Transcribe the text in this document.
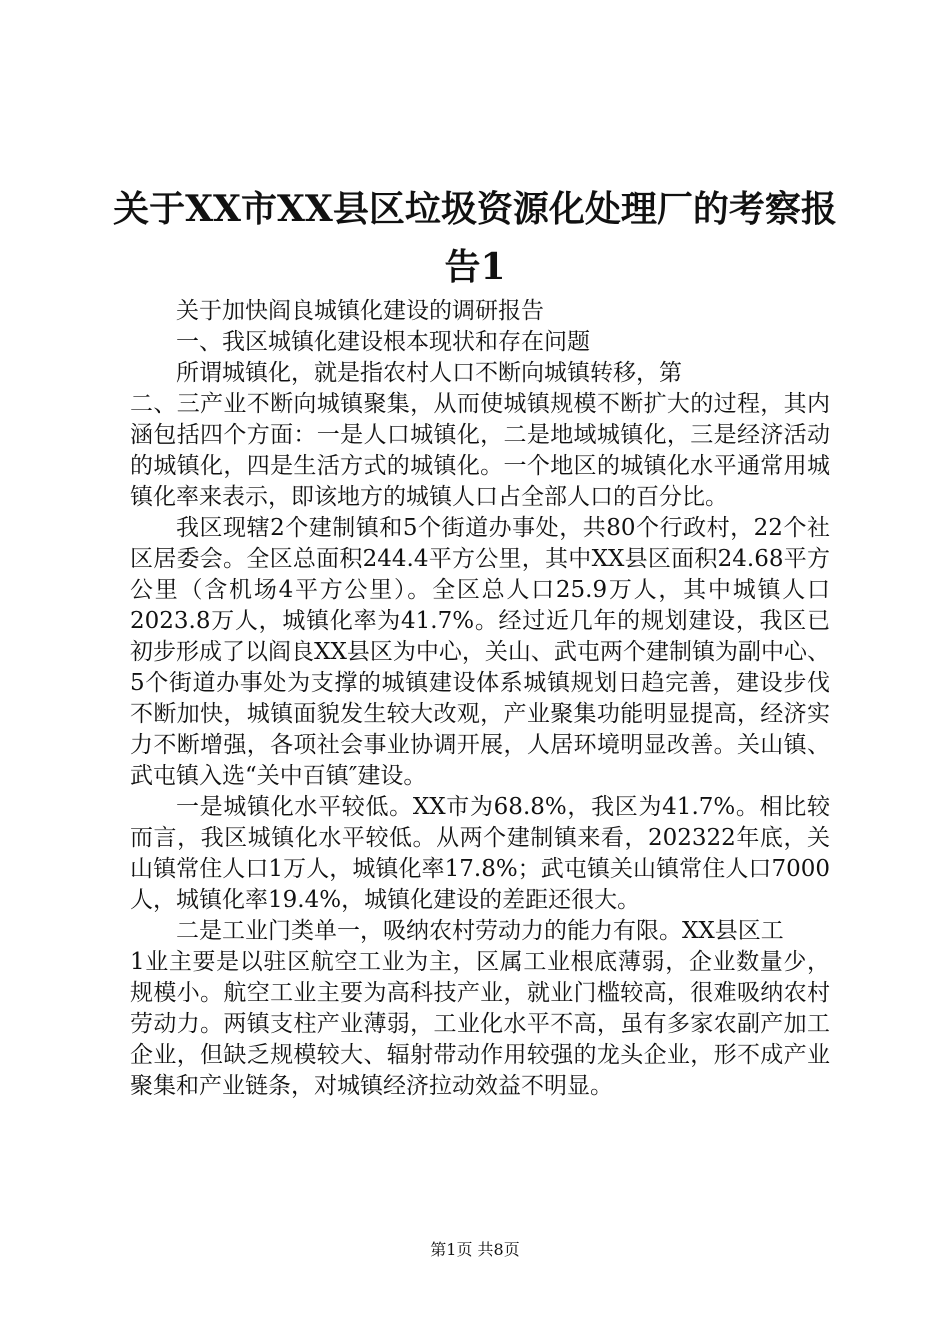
关于XX市XX县区垃圾资源化处理厂的考察报
告1

关于加快阎良城镇化建设的调研报告

一、我区城镇化建设根本现状和存在问题

所谓城镇化，就是指农村人口不断向城镇转移，第

二、三产业不断向城镇聚集，从而使城镇规模不断扩大的过程，其内涵包括四个方面：一是人口城镇化，二是地域城镇化，三是经济活动的城镇化，四是生活方式的城镇化。一个地区的城镇化水平通常用城镇化率来表示，即该地方的城镇人口占全部人口的百分比。

我区现辖2个建制镇和5个街道办事处，共80个行政村，22个社区居委会。全区总面积244.4平方公里，其中XX县区面积24.68平方公里（含机场4平方公里）。全区总人口25.9万人，其中城镇人口2023.8万人，城镇化率为41.7%。经过近几年的规划建设，我区已初步形成了以阎良XX县区为中心，关山、武屯两个建制镇为副中心、5个街道办事处为支撑的城镇建设体系城镇规划日趋完善，建设步伐不断加快，城镇面貌发生较大改观，产业聚集功能明显提高，经济实力不断增强，各项社会事业协调开展，人居环境明显改善。关山镇、武屯镇入选“关中百镇″建设。

一是城镇化水平较低。XX市为68.8%，我区为41.7%。相比较而言，我区城镇化水平较低。从两个建制镇来看，202322年底，关山镇常住人口1万人，城镇化率17.8%；武屯镇关山镇常住人口7000人，城镇化率19.4%，城镇化建设的差距还很大。

二是工业门类单一，吸纳农村劳动力的能力有限。XX县区工

1业主要是以驻区航空工业为主，区属工业根底薄弱，企业数量少，规模小。航空工业主要为高科技产业，就业门槛较高，很难吸纳农村劳动力。两镇支柱产业薄弱，工业化水平不高，虽有多家农副产加工企业，但缺乏规模较大、辐射带动作用较强的龙头企业，形不成产业聚集和产业链条，对城镇经济拉动效益不明显。

第1页 共8页
